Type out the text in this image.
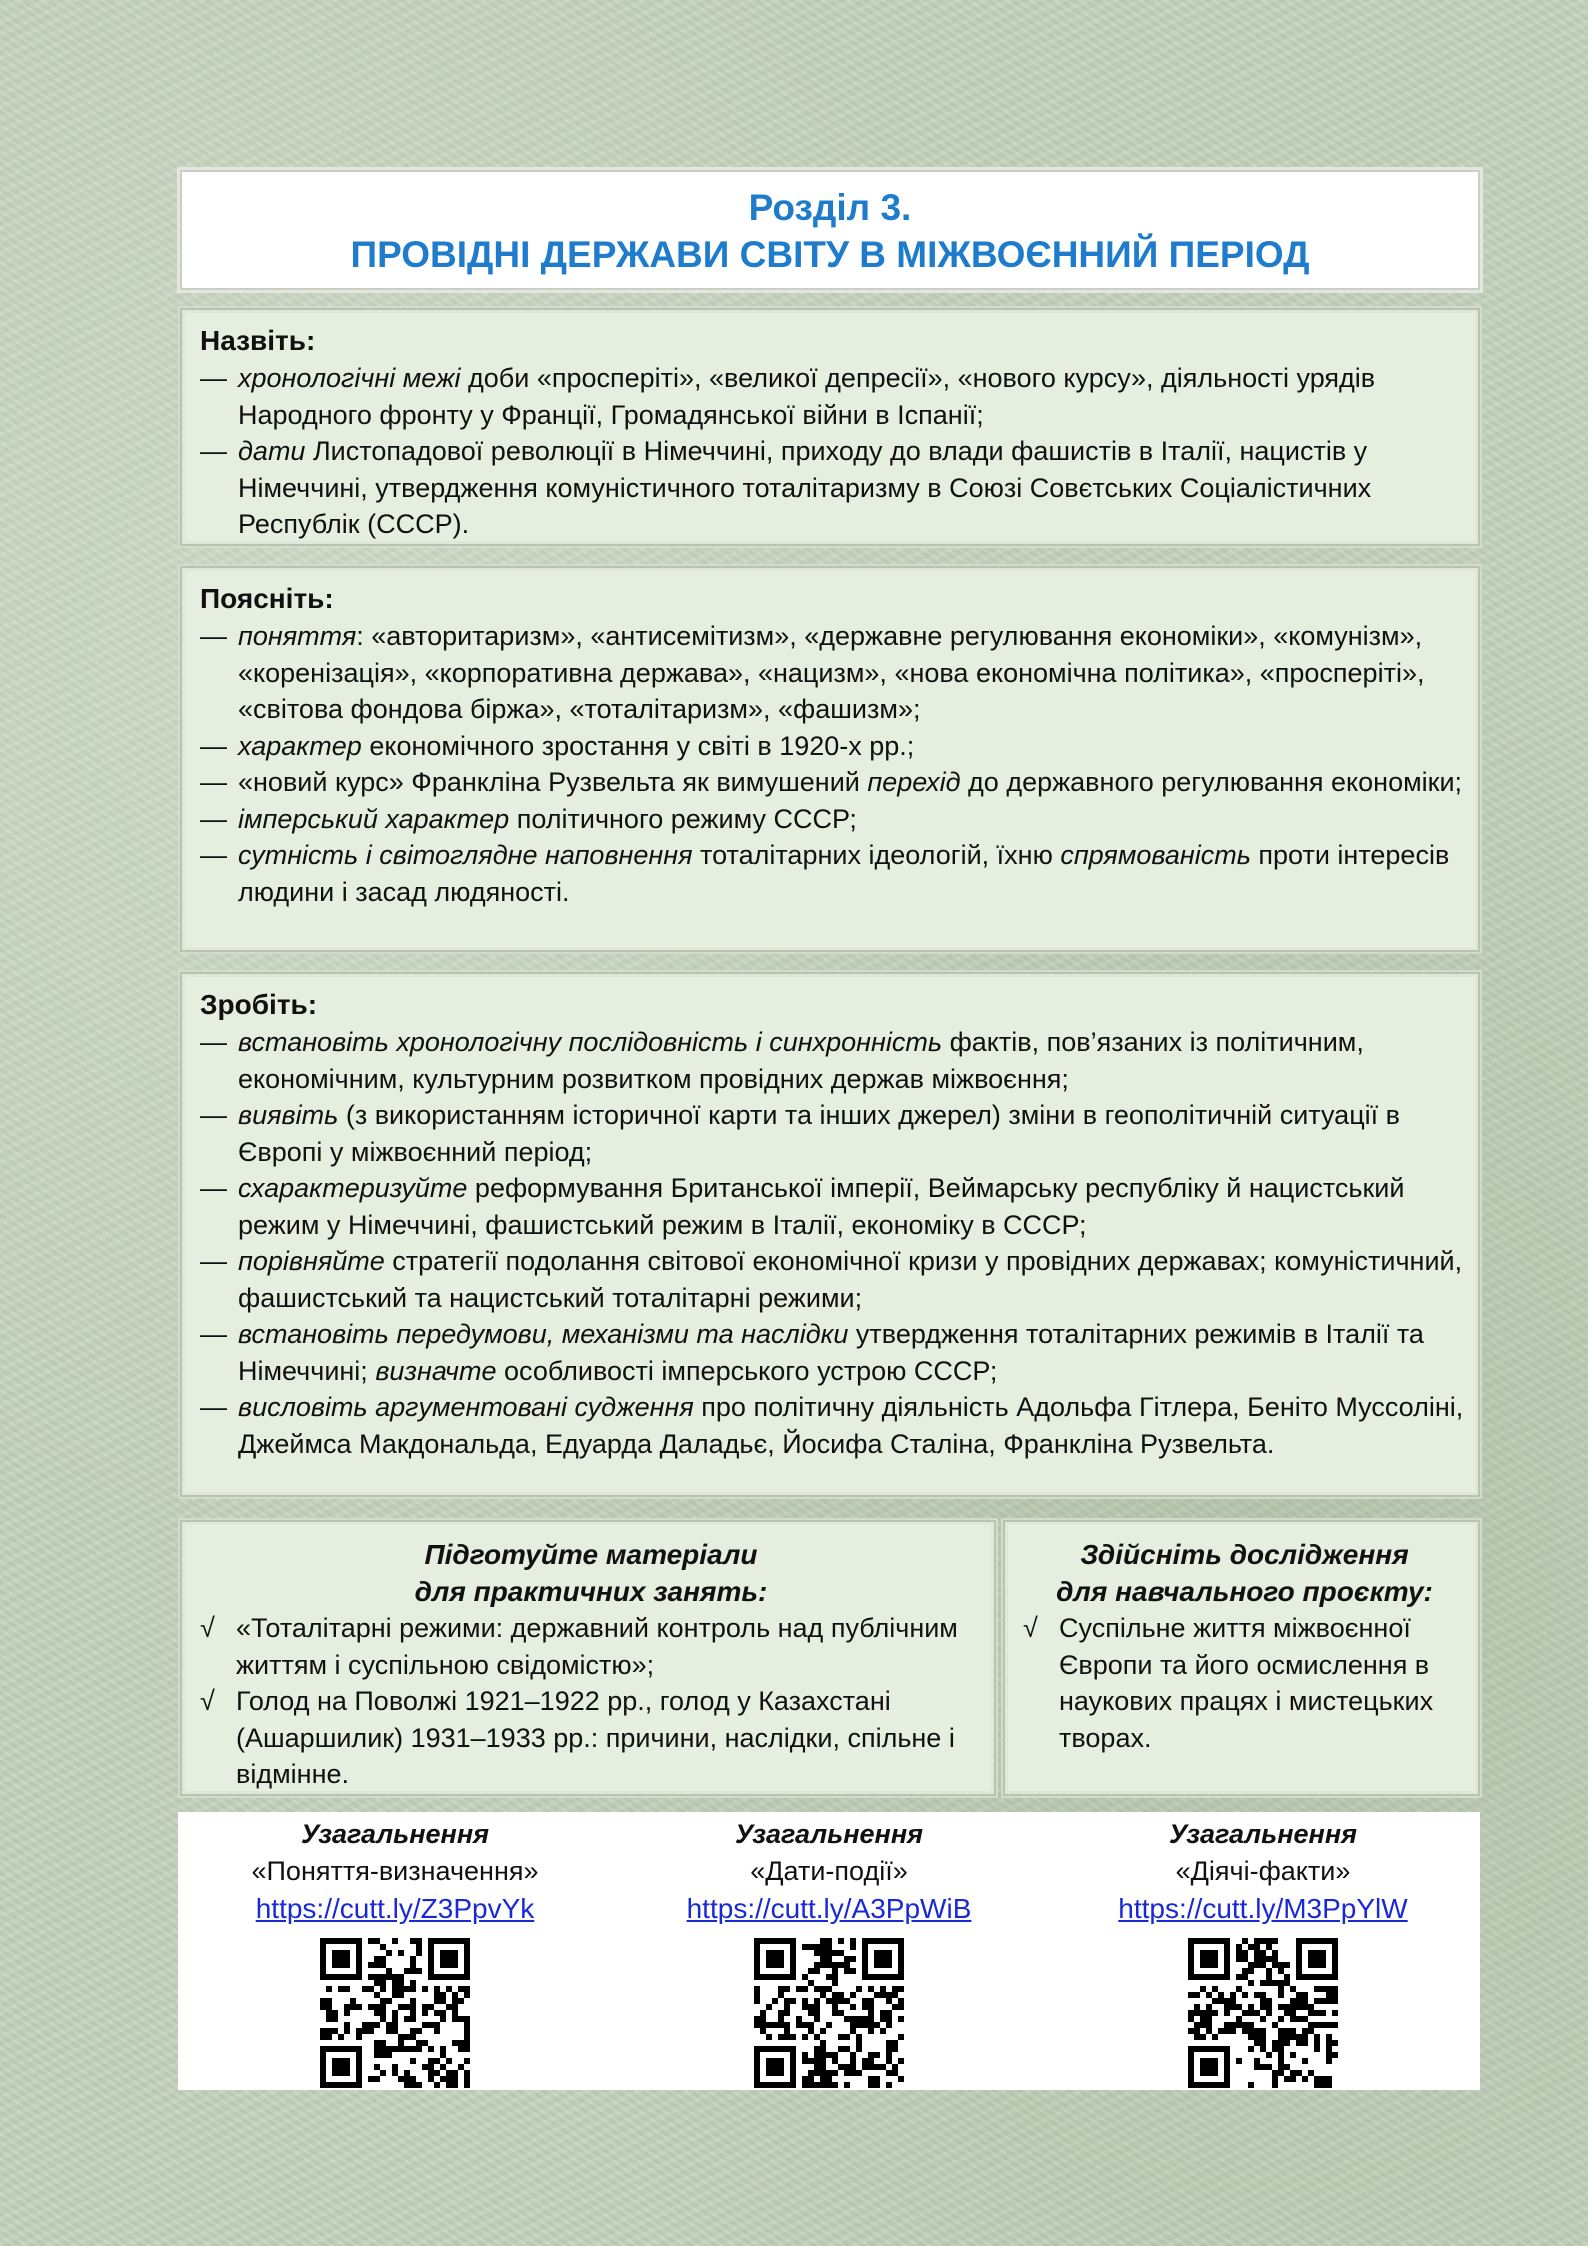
Розділ 3.
ПРОВІДНІ ДЕРЖАВИ СВІТУ В МІЖВОЄННИЙ ПЕРІОД
Назвіть:
— хронологічні межі доби «просперіті», «великої депресії», «нового курсу», діяльності урядів Народного фронту у Франції, Громадянської війни в Іспанії;
— дати Листопадової революції в Німеччині, приходу до влади фашистів в Італії, нацистів у Німеччині, утвердження комуністичного тоталітаризму в Союзі Совєтських Соціалістичних Республік (СССР).
Поясніть:
— поняття: «авторитаризм», «антисемітизм», «державне регулювання економіки», «комунізм», «коренізація», «корпоративна держава», «нацизм», «нова економічна політика», «просперіті», «світова фондова біржа», «тоталітаризм», «фашизм»;
— характер економічного зростання у світі в 1920-х рр.;
— «новий курс» Франкліна Рузвельта як вимушений перехід до державного регулювання економіки;
— імперський характер політичного режиму СССР;
— сутність і світоглядне наповнення тоталітарних ідеологій, їхню спрямованість проти інтересів людини і засад людяності.
Зробіть:
— встановіть хронологічну послідовність і синхронність фактів, пов’язаних із політичним, економічним, культурним розвитком провідних держав міжвоєння;
— виявіть (з використанням історичної карти та інших джерел) зміни в геополітичній ситуації в Європі у міжвоєнний період;
— схарактеризуйте реформування Британської імперії, Веймарську республіку й нацистський режим у Німеччині, фашистський режим в Італії, економіку в СССР;
— порівняйте стратегії подолання світової економічної кризи у провідних державах; комуністичний, фашистський та нацистський тоталітарні режими;
— встановіть передумови, механізми та наслідки утвердження тоталітарних режимів в Італії та Німеччині; визначте особливості імперського устрою СССР;
— висловіть аргументовані судження про політичну діяльність Адольфа Гітлера, Беніто Муссоліні, Джеймса Макдональда, Едуарда Даладьє, Йосифа Сталіна, Франкліна Рузвельта.
Підготуйте матеріали
для практичних занять:
√ «Тоталітарні режими: державний контроль над публічним життям і суспільною свідомістю»;
√ Голод на Поволжі 1921–1922 рр., голод у Казахстані (Ашаршилик) 1931–1933 рр.: причини, наслідки, спільне і відмінне.
Здійсніть дослідження
для навчального проєкту:
√ Суспільне життя міжвоєнної Європи та його осмислення в наукових працях і мистецьких творах.
Узагальнення
«Поняття-визначення»
https://cutt.ly/Z3PpvYk
Узагальнення
«Дати-події»
https://cutt.ly/A3PpWiB
Узагальнення
«Діячі-факти»
https://cutt.ly/M3PpYlW
